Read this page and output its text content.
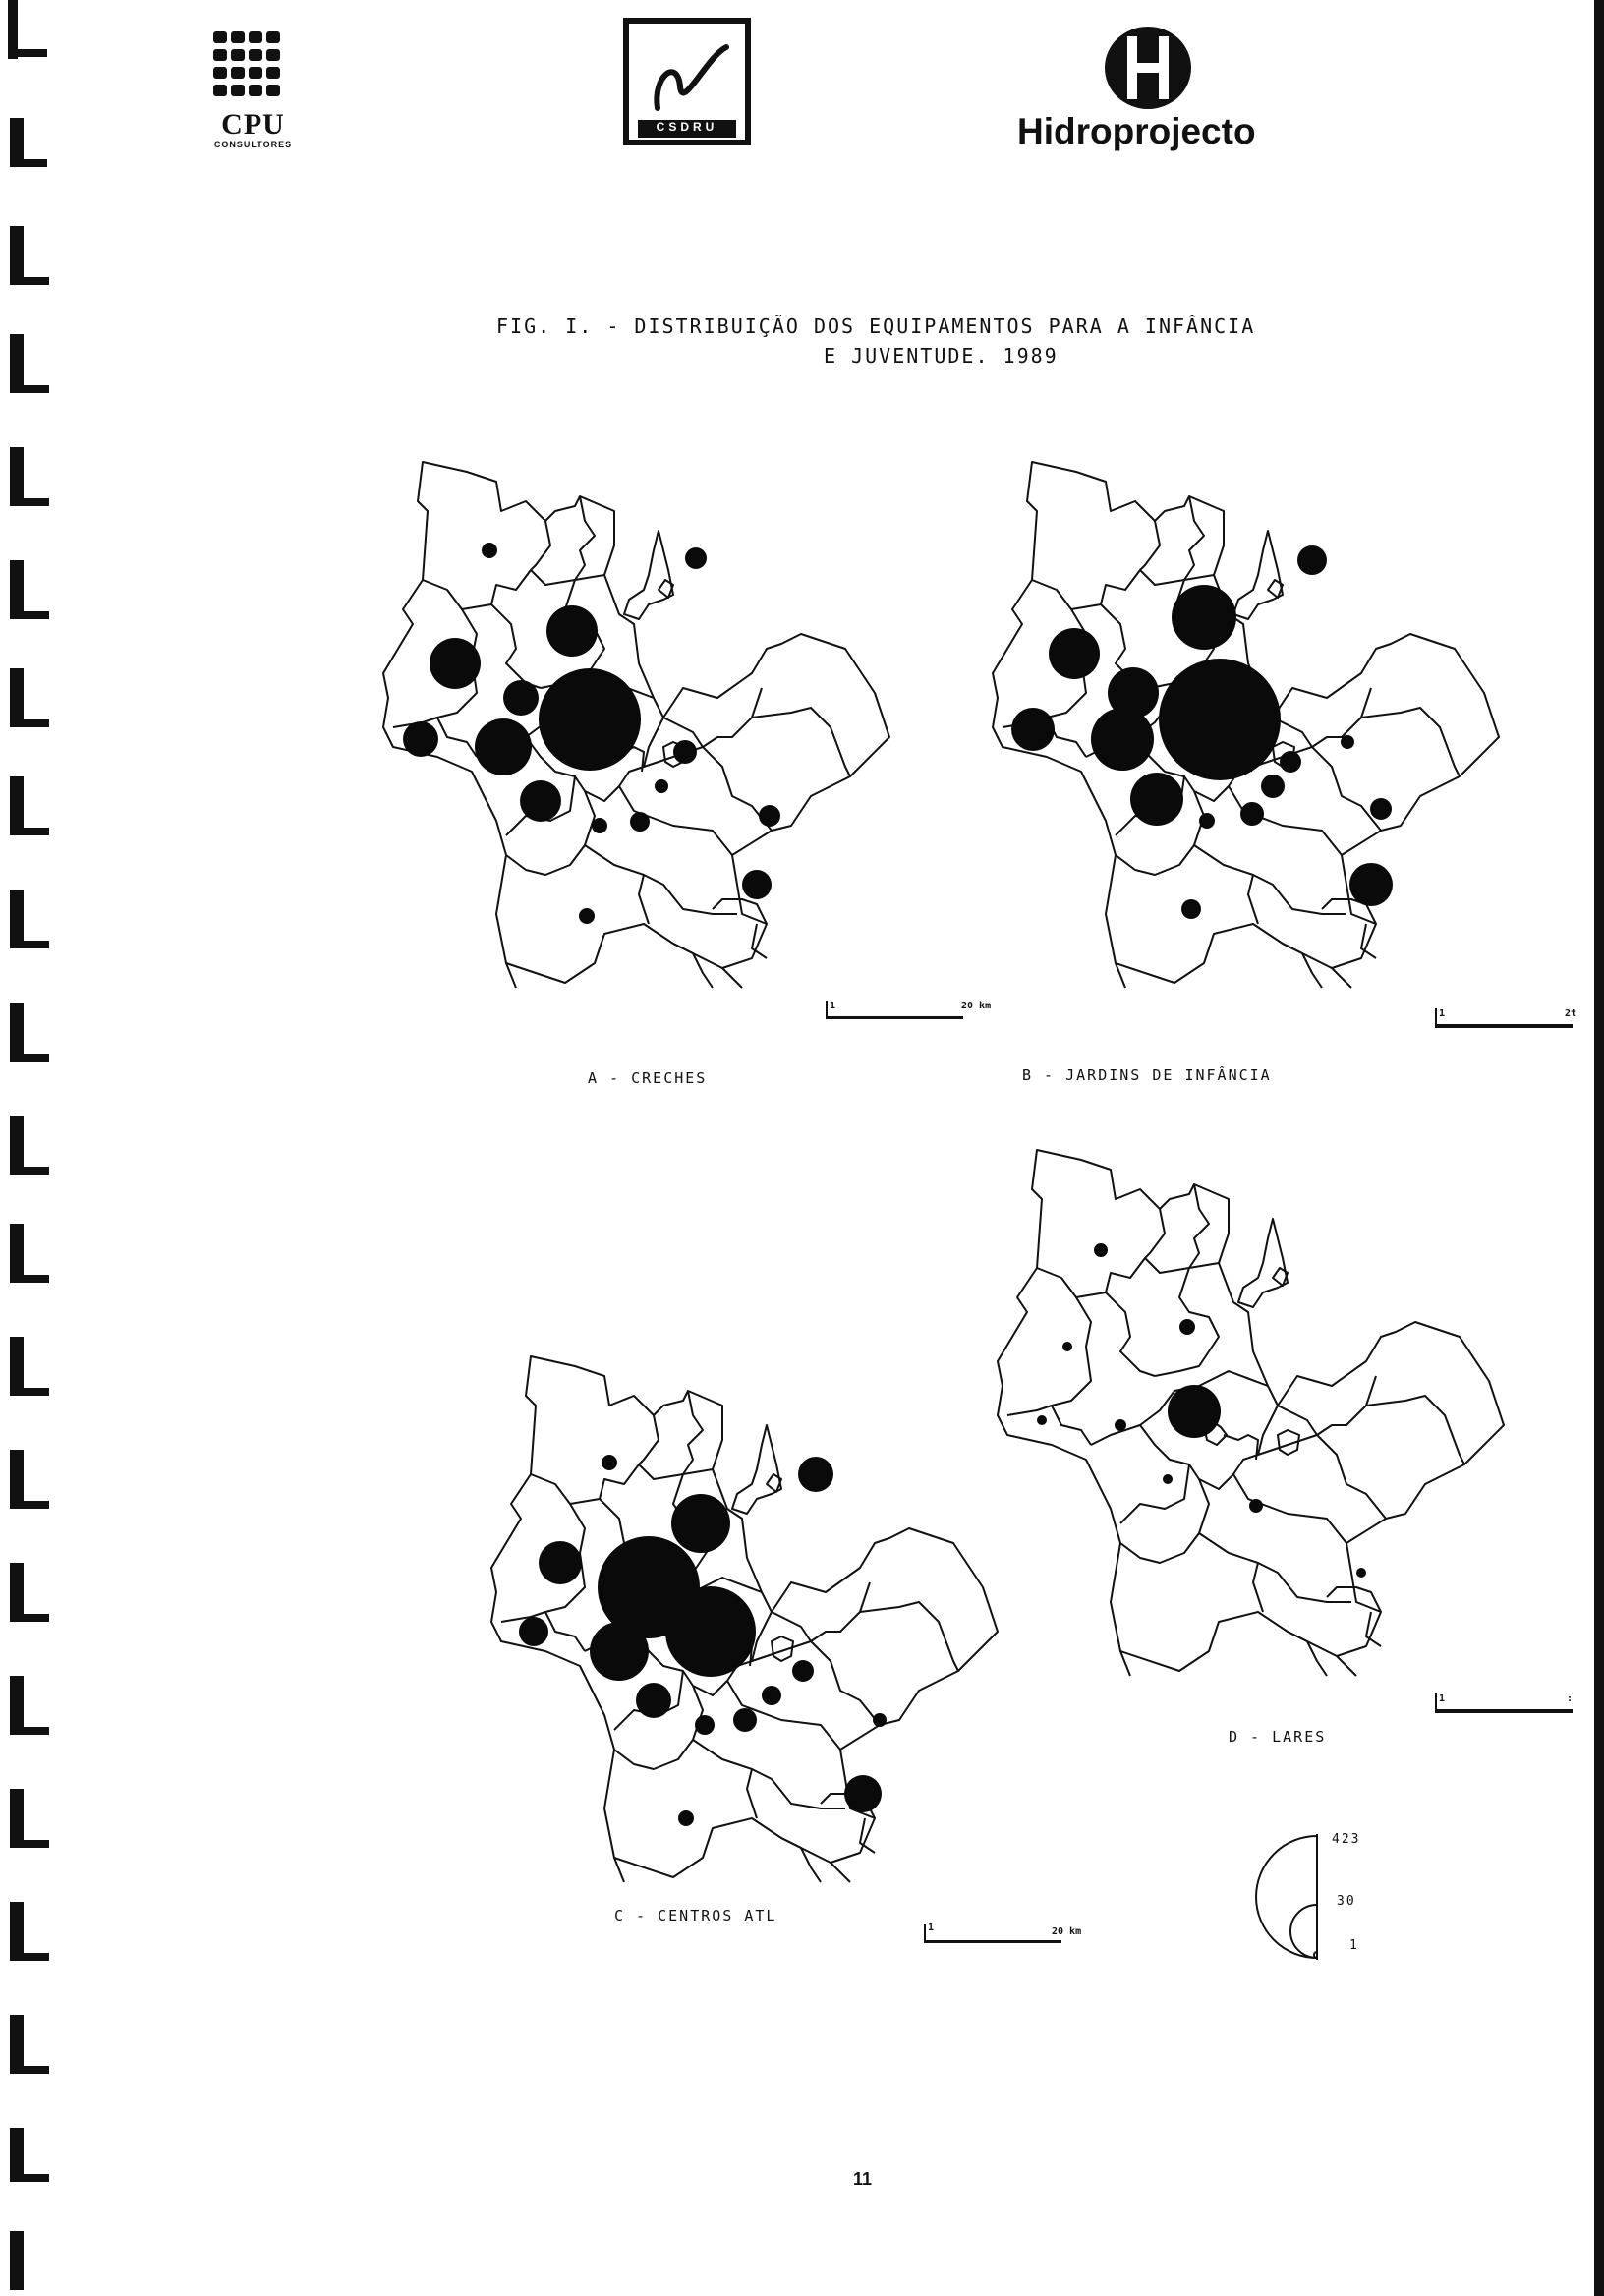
CPU
CONSULTORES
CSDRU	Hidroprojecto
FIG. I. - DISTRIBUIÇÃO DOS EQUIPAMENTOS PARA A INFÂNCIA
E JUVENTUDE. 1989
A - CRECHES	B - JARDINS DE INFÂNCIA
C - CENTROS ATL
D - LARES
1	20 km
1	2t
1	20 km
1	:
423
30
1
11
